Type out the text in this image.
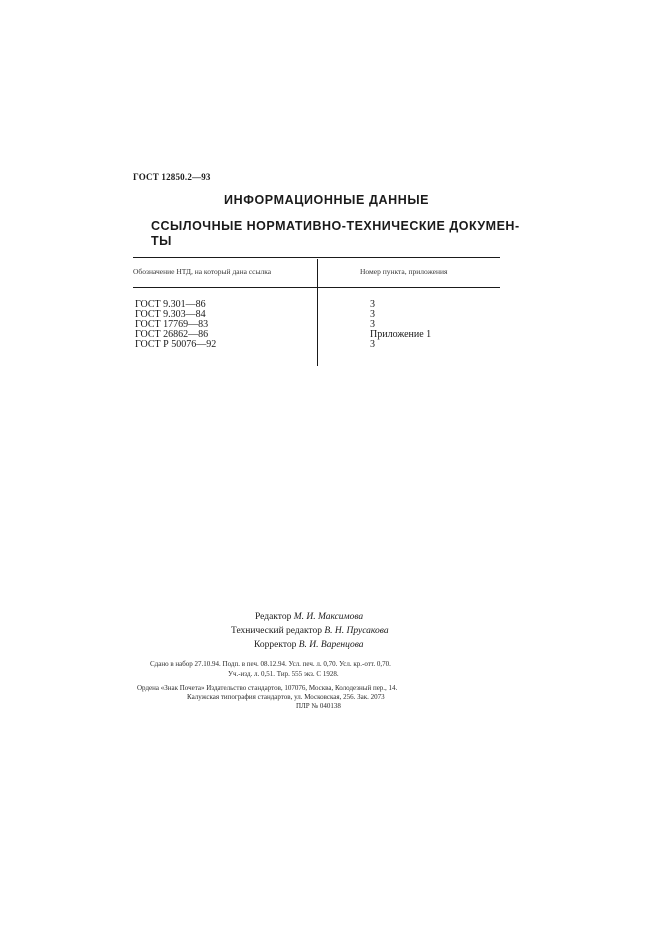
ГОСТ 12850.2—93
ИНФОРМАЦИОННЫЕ ДАННЫЕ
ССЫЛОЧНЫЕ НОРМАТИВНО-ТЕХНИЧЕСКИЕ ДОКУМЕН-
ТЫ
Обозначение НТД, на который дана ссылка	Номер пункта, приложения
ГОСТ 9.301—86	3
ГОСТ 9.303—84	3
ГОСТ 17769—83	3
ГОСТ 26862—86	Приложение 1
ГОСТ Р 50076—92	3
Редактор М. И. Максимова
Технический редактор В. Н. Прусакова
Корректор В. И. Варенцова
Сдано в набор 27.10.94. Подп. в печ. 08.12.94. Усл. печ. л. 0,70. Усл. кр.-отт. 0,70.
Уч.-изд. л. 0,51. Тир. 555 экз. С 1928.
Ордена «Знак Почета» Издательство стандартов, 107076, Москва, Колодезный пер., 14.
Калужская типография стандартов, ул. Московская, 256. Зак. 2073
ПЛР № 040138
